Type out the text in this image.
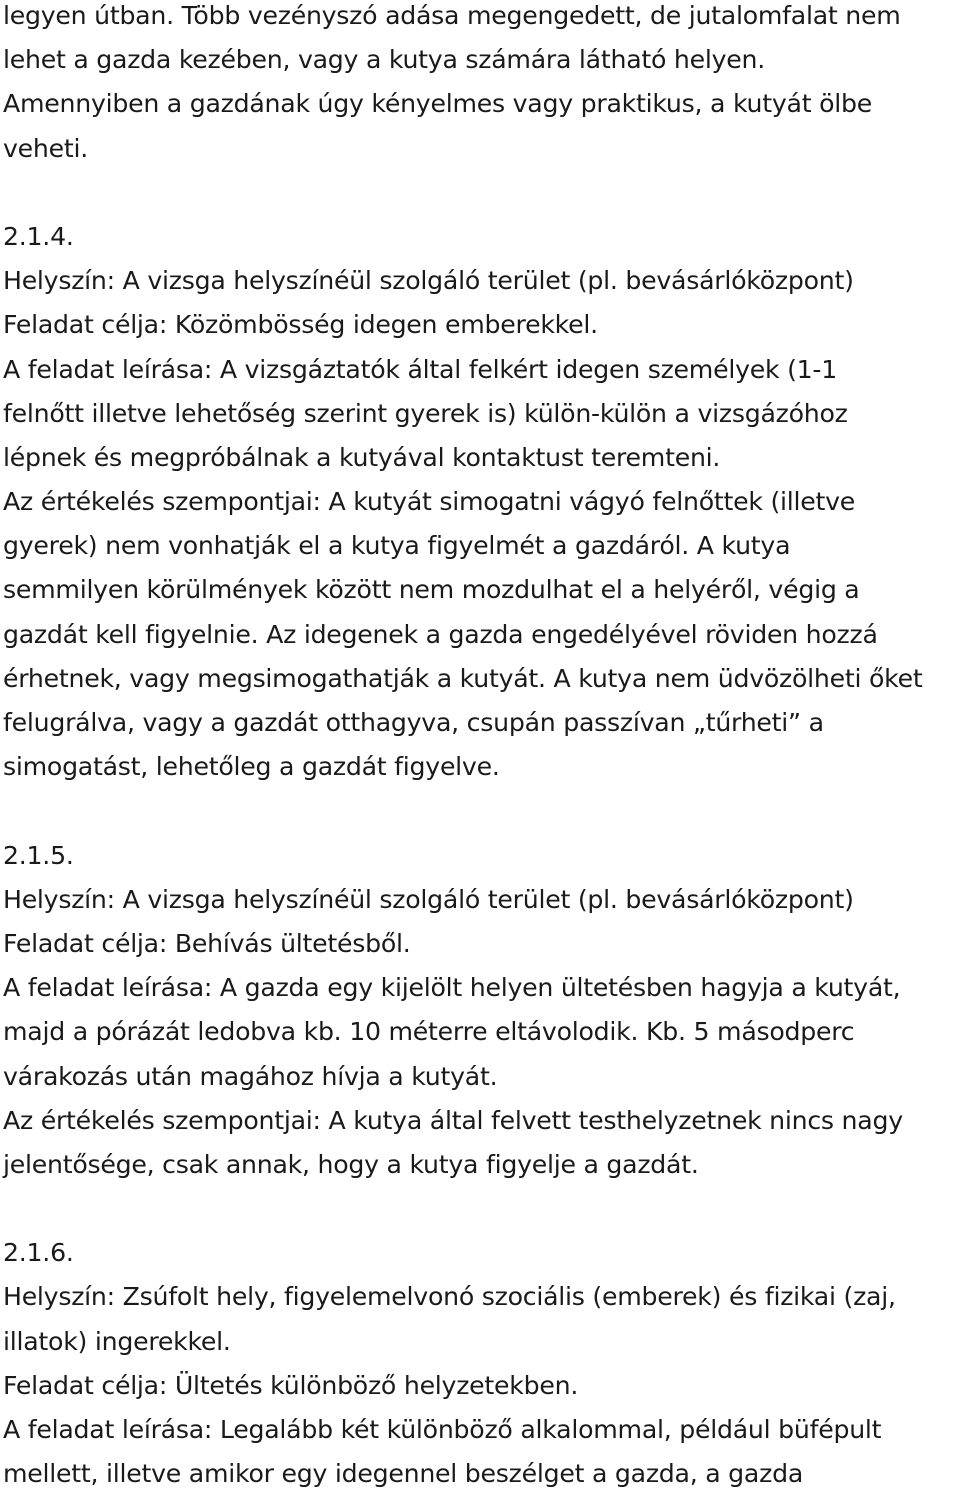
legyen útban. Több vezényszó adása megengedett, de jutalomfalat nem
lehet a gazda kezében, vagy a kutya számára látható helyen.
Amennyiben a gazdának úgy kényelmes vagy praktikus, a kutyát ölbe
veheti.
2.1.4.
Helyszín: A vizsga helyszínéül szolgáló terület (pl. bevásárlóközpont)
Feladat célja: Közömbösség idegen emberekkel.
A feladat leírása: A vizsgáztatók által felkért idegen személyek (1-1
felnőtt illetve lehetőség szerint gyerek is) külön-külön a vizsgázóhoz
lépnek és megpróbálnak a kutyával kontaktust teremteni.
Az értékelés szempontjai: A kutyát simogatni vágyó felnőttek (illetve
gyerek) nem vonhatják el a kutya figyelmét a gazdáról. A kutya
semmilyen körülmények között nem mozdulhat el a helyéről, végig a
gazdát kell figyelnie. Az idegenek a gazda engedélyével röviden hozzá
érhetnek, vagy megsimogathatják a kutyát. A kutya nem üdvözölheti őket
felugrálva, vagy a gazdát otthagyva, csupán passzívan „tűrheti” a
simogatást, lehetőleg a gazdát figyelve.
2.1.5.
Helyszín: A vizsga helyszínéül szolgáló terület (pl. bevásárlóközpont)
Feladat célja: Behívás ültetésből.
A feladat leírása: A gazda egy kijelölt helyen ültetésben hagyja a kutyát,
majd a pórázát ledobva kb. 10 méterre eltávolodik. Kb. 5 másodperc
várakozás után magához hívja a kutyát.
Az értékelés szempontjai: A kutya által felvett testhelyzetnek nincs nagy
jelentősége, csak annak, hogy a kutya figyelje a gazdát.
2.1.6.
Helyszín: Zsúfolt hely, figyelemelvonó szociális (emberek) és fizikai (zaj,
illatok) ingerekkel.
Feladat célja: Ültetés különböző helyzetekben.
A feladat leírása: Legalább két különböző alkalommal, például büfépult
mellett, illetve amikor egy idegennel beszélget a gazda, a gazda
